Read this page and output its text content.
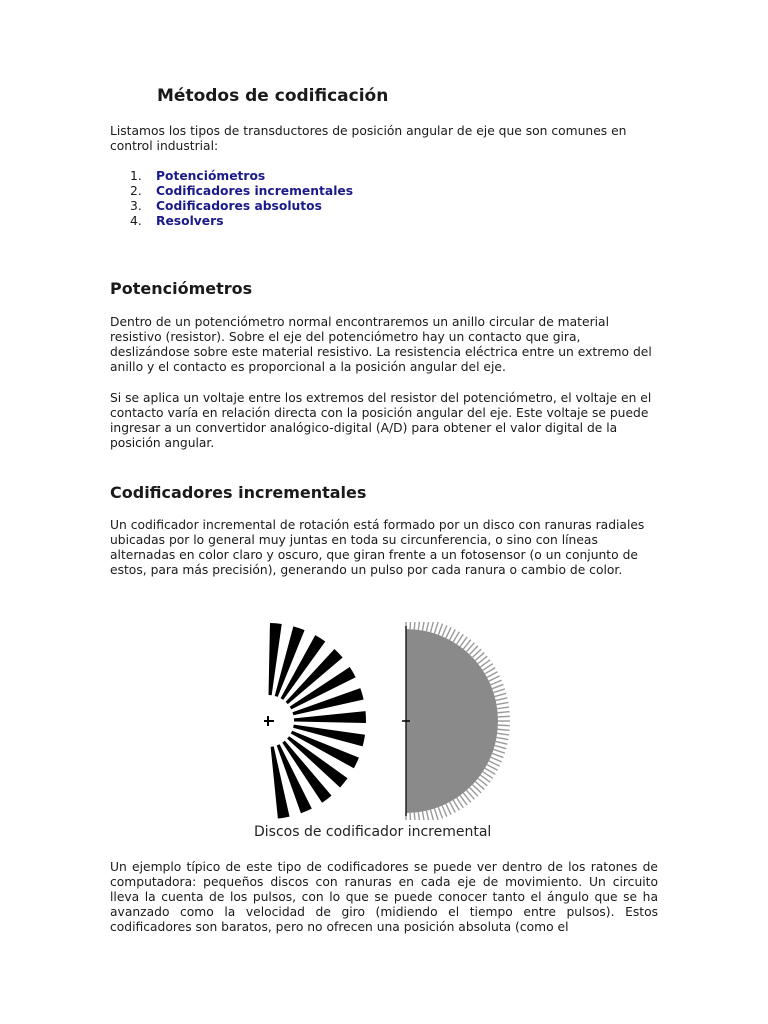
Métodos de codificación

Listamos los tipos de transductores de posición angular de eje que son comunes en control industrial:

1.	Potenciómetros
2.	Codificadores incrementales
3.	Codificadores absolutos
4.	Resolvers
Potenciómetros

Dentro de un potenciómetro normal encontraremos un anillo circular de material resistivo (resistor). Sobre el eje del potenciómetro hay un contacto que gira, deslizándose sobre este material resistivo. La resistencia eléctrica entre un extremo del anillo y el contacto es proporcional a la posición angular del eje.

Si se aplica un voltaje entre los extremos del resistor del potenciómetro, el voltaje en el contacto varía en relación directa con la posición angular del eje. Este voltaje se puede ingresar a un convertidor analógico-digital (A/D) para obtener el valor digital de la posición angular.

Codificadores incrementales

Un codificador incremental de rotación está formado por un disco con ranuras radiales ubicadas por lo general muy juntas en toda su circunferencia, o sino con líneas alternadas en color claro y oscuro, que giran frente a un fotosensor (o un conjunto de estos, para más precisión), generando un pulso por cada ranura o cambio de color.

Discos de codificador incremental

Un ejemplo típico de este tipo de codificadores se puede ver dentro de los ratones de computadora: pequeños discos con ranuras en cada eje de movimiento. Un circuito lleva la cuenta de los pulsos, con lo que se puede conocer tanto el ángulo que se ha avanzado como la velocidad de giro (midiendo el tiempo entre pulsos). Estos codificadores son baratos, pero no ofrecen una posición absoluta (como el
